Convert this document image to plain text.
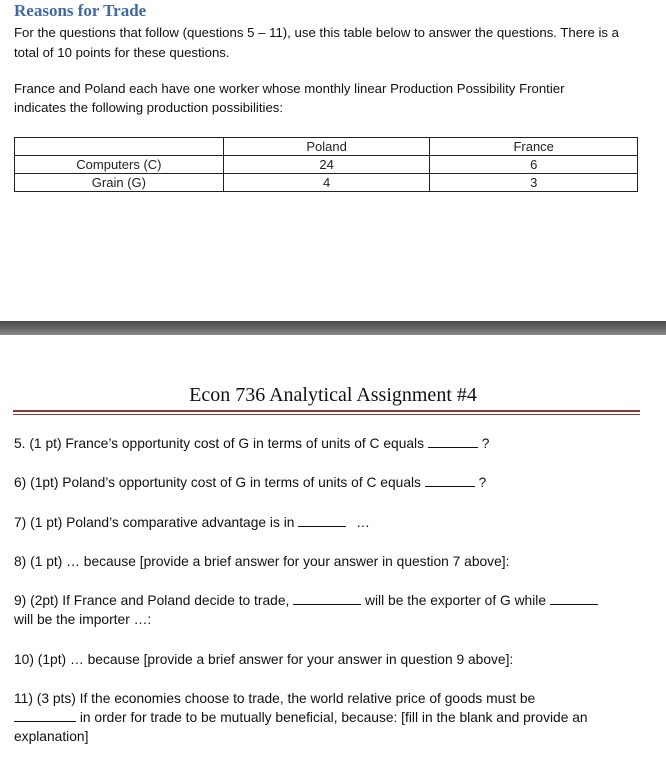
Reasons for Trade
For the questions that follow (questions 5 – 11), use this table below to answer the questions. There is a
total of 10 points for these questions.
France and Poland each have one worker whose monthly linear Production Possibility Frontier
indicates the following production possibilities:
	Poland	France
Computers (C)	24	6
Grain (G)	4	3
Econ 736 Analytical Assignment #4
5. (1 pt) France’s opportunity cost of G in terms of units of C equals	?
6) (1pt) Poland’s opportunity cost of G in terms of units of C equals	?
7) (1 pt) Poland’s comparative advantage is in	…
8) (1 pt) … because [provide a brief answer for your answer in question 7 above]:
9) (2pt) If France and Poland decide to trade,	will be the exporter of G while
will be the importer …:
10) (1pt) … because [provide a brief answer for your answer in question 9 above]:
11) (3 pts) If the economies choose to trade, the world relative price of goods must be
in order for trade to be mutually beneficial, because: [fill in the blank and provide an
explanation]
